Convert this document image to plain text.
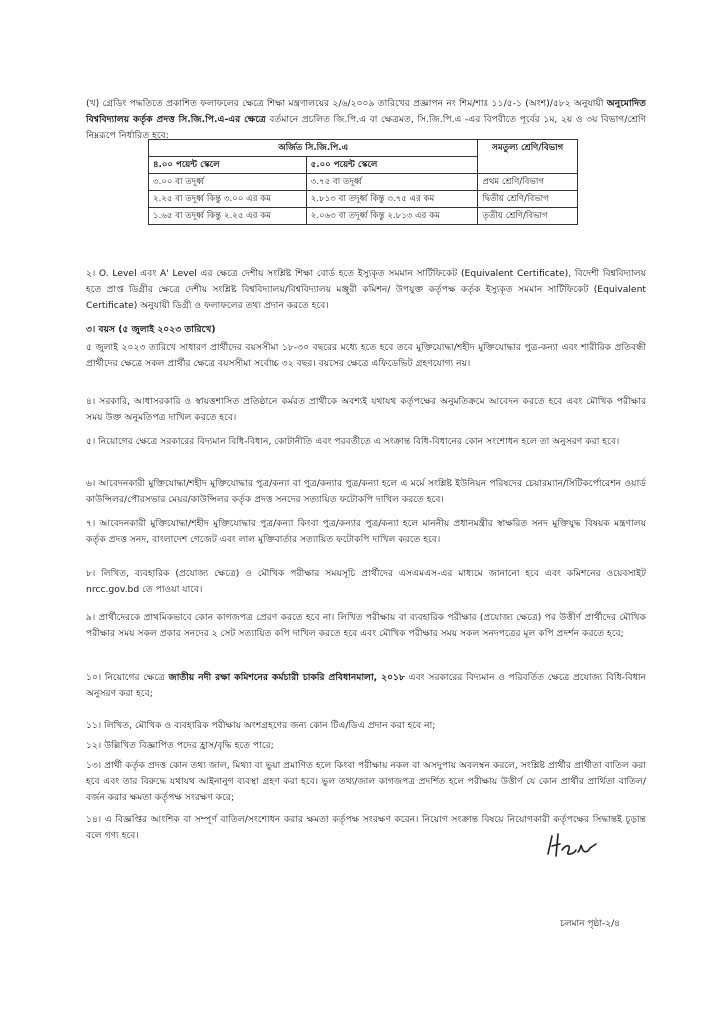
(খ) গ্রেডিং পদ্ধতিতে প্রকাশিত ফলাফলের ক্ষেত্রে শিক্ষা মন্ত্রণালয়ের ২/৬/২০০৯ তারিখের প্রজ্ঞাপন নং শিম/শাঃ ১১/৫-১ (অংশ)/৫৮২ অনুযায়ী অনুমোদিত বিশ্ববিদ্যালয় কর্তৃক প্রদত্ত সি.জি.পি.এ-এর ক্ষেত্রে বর্তমানে প্রচলিত জি.পি.এ বা ক্ষেত্রমত, সি.জি.পি.এ -এর বিপরীতে পূর্বের ১ম, ২য় ও ৩য় বিভাগ/শ্রেণি নিম্নরূপে নির্ধারিত হবে:

অর্জিত সি.জি.পি.এ		সমতুল্য শ্রেণি/বিভাগ
৪.০০ পয়েন্ট স্কেলে	৫.০০ পয়েন্ট স্কেলে	
৩.০০ বা তদূর্ধ্ব	৩.৭৫ বা তদূর্ধ্ব	প্রথম শ্রেণি/বিভাগ
২.২৫ বা তদূর্ধ্ব কিন্তু ৩.০০ এর কম	২.৮১৩ বা তদূর্ধ্ব কিন্তু ৩.৭৫ এর কম	দ্বিতীয় শ্রেণি/বিভাগ
১.৬৫ বা তদূর্ধ্ব কিন্তু ২.২৫ এর কম	২.০৬৩ বা তদূর্ধ্ব কিন্তু ২.৮১৩ এর কম	তৃতীয় শ্রেণি/বিভাগ

২। O. Level এবং A' Level এর ক্ষেত্রে দেশীয় সংশ্লিষ্ট শিক্ষা বোর্ড হতে ইস্যুকৃত সমমান সার্টিফিকেট (Equivalent Certificate), বিদেশী বিশ্ববিদ্যালয় হতে প্রাপ্ত ডিগ্রীর ক্ষেত্রে দেশীয় সংশ্লিষ্ট বিশ্ববিদ্যালয়/বিশ্ববিদ্যালয় মঞ্জুরী কমিশন/ উপযুক্ত কর্তৃপক্ষ কর্তৃক ইস্যুকৃত সমমান সার্টিফিকেট (Equivalent Certificate) অনুযায়ী ডিগ্রী ও ফলাফলের তথ্য প্রদান করতে হবে।

৩। বয়স (৫ জুলাই ২০২৩ তারিখে)

৫ জুলাই ২০২৩ তারিখে সাধারণ প্রার্থীদের বয়সসীমা ১৮-৩০ বছরের মধ্যে হতে হবে তবে মুক্তিযোদ্ধা/শহীদ মুক্তিযোদ্ধার পুত্র-কন্যা এবং শারীরিক প্রতিবন্ধী প্রার্থীদের ক্ষেত্রে সকল প্রার্থীর ক্ষেত্রে বয়সসীমা সর্বোচ্চ ৩২ বছর। বয়সের ক্ষেত্রে এফিডেভিট গ্রহণযোগ্য নয়।

৪। সরকারি, আধাসরকারি ও স্বায়ত্তশাসিত প্রতিষ্ঠানে কর্মরত প্রার্থীকে অবশ্যই যথাযথ কর্তৃপক্ষের অনুমতিক্রমে আবেদন করতে হবে এবং মৌখিক পরীক্ষার সময় উক্ত অনুমতিপত্র দাখিল করতে হবে।

৫। নিয়োগের ক্ষেত্রে সরকারের বিদ্যমান বিধি-বিধান, কোটানীতি এবং পরবর্তীতে এ সংক্রান্ত বিধি-বিধানের কোন সংশোধন হলে তা অনুসরণ করা হবে।

৬। আবেদনকারী মুক্তিযোদ্ধা/শহীদ মুক্তিযোদ্ধার পুত্র/কন্যা বা পুত্র/কন্যার পুত্র/কন্যা হলে এ মর্মে সংশ্লিষ্ট ইউনিয়ন পরিষদের চেয়ারম্যান/সিটিকর্পোরেশন ওয়ার্ড কাউন্সিলর/পৌরসভার মেয়র/কাউন্সিলর কর্তৃক প্রদত্ত সনদের সত্যায়িত ফটোকপি দাখিল করতে হবে।

৭। আবেদনকারী মুক্তিযোদ্ধা/শহীদ মুক্তিযোদ্ধার পুত্র/কন্যা কিংবা পুত্র/কন্যার পুত্র/কন্যা হলে মাননীয় প্রধানমন্ত্রীর স্বাক্ষরিত সনদ মুক্তিযুদ্ধ বিষয়ক মন্ত্রণালয় কর্তৃক প্রদত্ত সনদ, বাংলাদেশ গেজেট এবং লাল মুক্তিবার্তার সত্যায়িত ফটোকপি দাখিল করতে হবে।

৮। লিখিত, ব্যবহারিক (প্রযোজ্য ক্ষেত্রে) ও মৌখিক পরীক্ষার সময়সূচি প্রার্থীদের এসএমএস-এর মাধ্যমে জানানো হবে এবং কমিশনের ওয়েবসাইট nrcc.gov.bd তে পাওয়া যাবে।

৯। প্রার্থীদেরকে প্রাথমিকভাবে কোন কাগজপত্র প্রেরণ করতে হবে না। লিখিত পরীক্ষায় বা ব্যবহারিক পরীক্ষার (প্রযোজ্য ক্ষেত্রে) পর উত্তীর্ণ প্রার্থীদের মৌখিক পরীক্ষার সময় সকল প্রকার সনদের ২ সেট সত্যায়িত কপি দাখিল করতে হবে এবং মৌখিক পরীক্ষার সময় সকল সনদপত্রের মূল কপি প্রদর্শন করতে হবে;

১০। নিয়োগের ক্ষেত্রে জাতীয় নদী রক্ষা কমিশনের কর্মচারী চাকরি প্রবিধানমালা, ২০১৮ এবং সরকারের বিদ্যমান ও পরিবর্তিত ক্ষেত্রে প্রযোজ্য বিধি-বিধান অনুসরণ করা হবে;

১১। লিখিত, মৌখিক ও ব্যবহারিক পরীক্ষায় অংশগ্রহণের জন্য কোন টিএ/ডিএ প্রদান করা হবে না;

১২। উল্লিখিত বিজ্ঞাপিত পদের হ্রাস/বৃদ্ধি হতে পারে;

১৩। প্রার্থী কর্তৃক প্রদত্ত কোন তথ্য জাল, মিথ্যা বা ভুয়া প্রমাণিত হলে কিংবা পরীক্ষায় নকল বা অসদুপায় অবলম্বন করলে, সংশ্লিষ্ট প্রার্থীর প্রার্থীতা বাতিল করা হবে এবং তার বিরুদ্ধে যথাযথ আইনানুগ ব্যবস্থা গ্রহণ করা হবে। ভুল তথ্য/জাল কাগজপত্র প্রদর্শিত হলে পরীক্ষায় উত্তীর্ণ যে কোন প্রার্থীর প্রার্থিতা বাতিল/বর্জন করার ক্ষমতা কর্তৃপক্ষ সংরক্ষণ করে;

১৪। এ বিজ্ঞপ্তির আংশিক বা সম্পূর্ণ বাতিল/সংশোধন করার ক্ষমতা কর্তৃপক্ষ সংরক্ষণ করেন। নিয়োগ সংক্রান্ত বিষয়ে নিয়োগকারী কর্তৃপক্ষের সিদ্ধান্তই চূড়ান্ত বলে গণ্য হবে।

চলমান পৃষ্ঠা-২/৪
